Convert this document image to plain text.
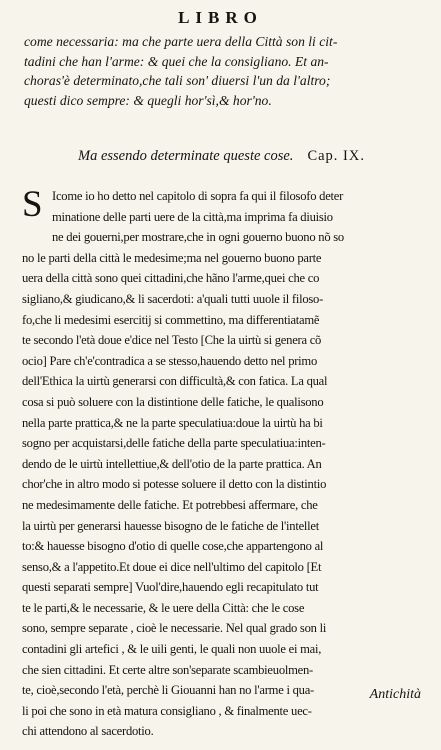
LIBRO
come necessaria: ma che parte uera della Città son li cit-
tadini che han l'arme: & quei che la consigliano. Et an-
choras'è determinato,che tali son' diuersi l'un da l'altro;
questi dico sempre: & quegli hor'sì,& hor'no.
Ma essendo determinate queste cose. Cap. IX.
S Icome io ho detto nel capitolo di sopra fa qui il filosofo deter
minatione delle parti uere de la città,ma imprima fa diuisio
ne dei gouerni,per mostrare,che in ogni gouerno buono nõ so
no le parti della città le medesime;ma nel gouerno buono parte
uera della città sono quei cittadini,che hãno l'arme,quei che co
sigliano,& giudicano,& li sacerdoti: a'quali tutti uuole il filoso-
fo,che li medesimi esercitij si commettino, ma differentiatamẽ
te secondo l'età doue e'dice nel Testo [Che la uirtù si genera cõ
ocio] Pare ch'e'contradica a se stesso,hauendo detto nel primo
dell'Ethica la uirtù generarsi con difficultà,& con fatica. La qual
cosa si può soluere con la distintione delle fatiche, le qualisono
nella parte prattica,& ne la parte speculatiua:doue la uirtù ha bi
sogno per acquistarsi,delle fatiche della parte speculatiua:inten-
dendo de le uirtù intellettiue,& dell'otio de la parte prattica. An
chor'che in altro modo si potesse soluere il detto con la distintio
ne medesimamente delle fatiche. Et potrebbesi affermare, che
la uirtù per generarsi hauesse bisogno de le fatiche de l'intellet
to:& hauesse bisogno d'otio di quelle cose,che appartengono al
senso,& a l'appetito.Et doue ei dice nell'ultimo del capitolo [Et
questi separati sempre] Vuol'dire,hauendo egli recapitulato tut
te le parti,& le necessarie, & le uere della Città: che le cose
sono, sempre separate , cioè le necessarie. Nel qual grado son li
contadini gli artefici , & le uili genti, le quali non uuole ei mai,
che sien cittadini. Et certe altre son'separate scambieuolmen-
te, cioè,secondo l'età, perchè li Giouanni han no l'arme i qua-
li poi che sono in età matura consigliano , & finalmente uec-
chi attendono al sacerdotio.
Antichità
